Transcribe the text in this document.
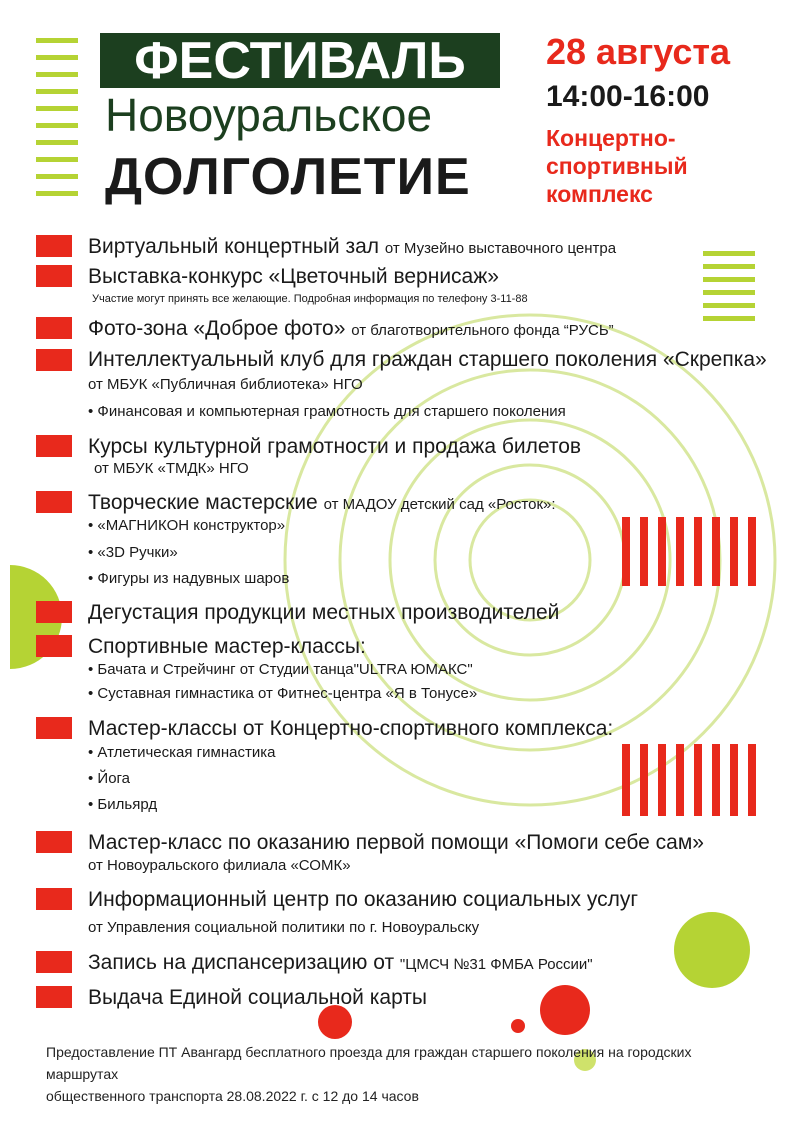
ФЕСТИВАЛЬ
Новоуральское
ДОЛГОЛЕТИЕ
28 августа
14:00-16:00
Концертно-
спортивный
комплекс
Виртуальный концертный зал от Музейно выставочного центра
Выставка-конкурс «Цветочный вернисаж»
Участие могут принять все желающие. Подробная информация по телефону 3-11-88
Фото-зона «Доброе фото» от благотворительного фонда “РУСЬ”
Интеллектуальный клуб для граждан старшего поколения «Скрепка»
от МБУК «Публичная библиотека» НГО
• Финансовая и компьютерная грамотность для старшего поколения
Курсы культурной грамотности и продажа билетов
от МБУК «ТМДК» НГО
Творческие мастерские от МАДОУ детский сад «Росток»:
• «МАГНИКОН конструктор»
• «3D Ручки»
• Фигуры из надувных шаров
Дегустация продукции местных производителей
Спортивные мастер-классы:
• Бачата и Стрейчинг от Студии танца"ULTRA ЮМАКС"
• Суставная гимнастика от Фитнес-центра «Я в Тонусе»
Мастер-классы от Концертно-спортивного комплекса:
• Атлетическая гимнастика
• Йога
• Бильярд
Мастер-класс по оказанию первой помощи «Помоги себе сам»
от Новоуральского филиала «СОМК»
Информационный центр по оказанию социальных услуг
от Управления социальной политики по г. Новоуральску
Запись на диспансеризацию от "ЦМСЧ №31 ФМБА России"
Выдача Единой социальной карты
Предоставление ПТ Авангард бесплатного проезда для граждан старшего поколения на городских маршрутах
общественного транспорта 28.08.2022 г. с 12 до 14 часов
